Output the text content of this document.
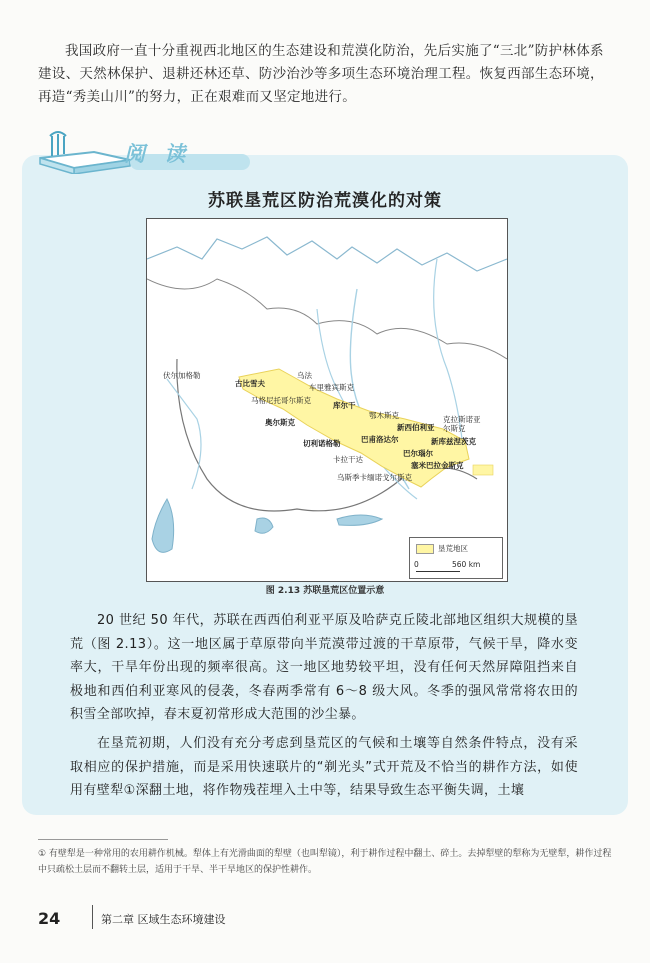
我国政府一直十分重视西北地区的生态建设和荒漠化防治，先后实施了“三北”防护林体系建设、天然林保护、退耕还林还草、防沙治沙等多项生态环境治理工程。恢复西部生态环境，再造“秀美山川”的努力，正在艰难而又坚定地进行。
阅 读
苏联垦荒区防治荒漠化的对策
伏尔加格勒
古比雪夫
乌法
车里雅宾斯克
马格尼托哥尔斯克
库尔干
奥尔斯克
鄂木斯克
新西伯利亚
克拉斯诺亚尔斯克
巴甫洛达尔	新库兹涅茨克
切利诺格勒
巴尔瑙尔
卡拉干达
塞米巴拉金斯克
乌斯季卡缅诺戈尔斯克
垦荒地区
0	560 km
图 2.13 苏联垦荒区位置示意
20 世纪 50 年代，苏联在西西伯利亚平原及哈萨克丘陵北部地区组织大规模的垦荒（图 2.13）。这一地区属于草原带向半荒漠带过渡的干草原带，气候干旱，降水变率大，干旱年份出现的频率很高。这一地区地势较平坦，没有任何天然屏障阻挡来自极地和西伯利亚寒风的侵袭，冬春两季常有 6～8 级大风。冬季的强风常常将农田的积雪全部吹掉，春末夏初常形成大范围的沙尘暴。
在垦荒初期，人们没有充分考虑到垦荒区的气候和土壤等自然条件特点，没有采取相应的保护措施，而是采用快速联片的“剃光头”式开荒及不恰当的耕作方法，如使用有壁犁①深翻土地，将作物残茬埋入土中等，结果导致生态平衡失调，土壤
① 有壁犁是一种常用的农用耕作机械。犁体上有光滑曲面的犁壁（也叫犁镜），利于耕作过程中翻土、碎土。去掉犁壁的犁称为无壁犁，耕作过程中只疏松土层而不翻转土层，适用于干旱、半干旱地区的保护性耕作。
24	第二章 区域生态环境建设
